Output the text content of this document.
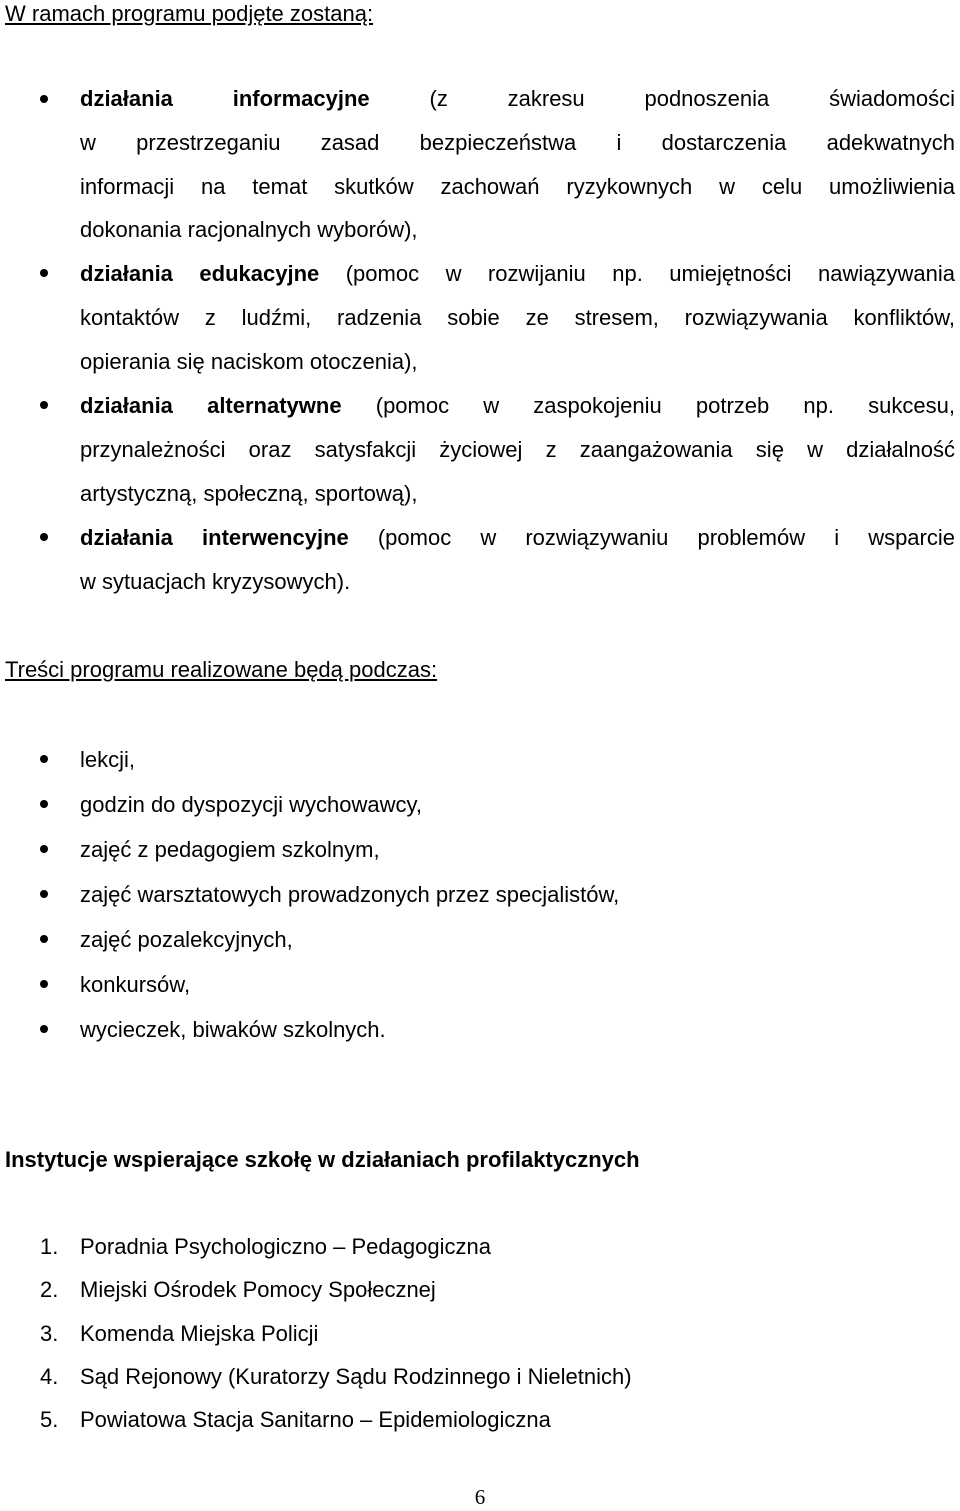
W ramach programu podjęte zostaną:
działania informacyjne (z zakresu podnoszenia świadomości
w przestrzeganiu zasad bezpieczeństwa i dostarczenia adekwatnych
informacji na temat skutków zachowań ryzykownych w celu umożliwienia
dokonania racjonalnych wyborów),
działania edukacyjne (pomoc w rozwijaniu np. umiejętności nawiązywania
kontaktów z ludźmi, radzenia sobie ze stresem, rozwiązywania konfliktów,
opierania się naciskom otoczenia),
działania alternatywne (pomoc w zaspokojeniu potrzeb np. sukcesu,
przynależności oraz satysfakcji życiowej z zaangażowania się w działalność
artystyczną, społeczną, sportową),
działania interwencyjne (pomoc w rozwiązywaniu problemów i wsparcie
w sytuacjach kryzysowych).
Treści programu realizowane będą podczas:
lekcji,
godzin do dyspozycji wychowawcy,
zajęć z pedagogiem szkolnym,
zajęć warsztatowych prowadzonych przez specjalistów,
zajęć pozalekcyjnych,
konkursów,
wycieczek, biwaków szkolnych.
Instytucje wspierające szkołę w działaniach profilaktycznych
1. Poradnia Psychologiczno – Pedagogiczna
2. Miejski Ośrodek Pomocy Społecznej
3. Komenda Miejska Policji
4. Sąd Rejonowy (Kuratorzy Sądu Rodzinnego i Nieletnich)
5. Powiatowa Stacja Sanitarno – Epidemiologiczna
6
